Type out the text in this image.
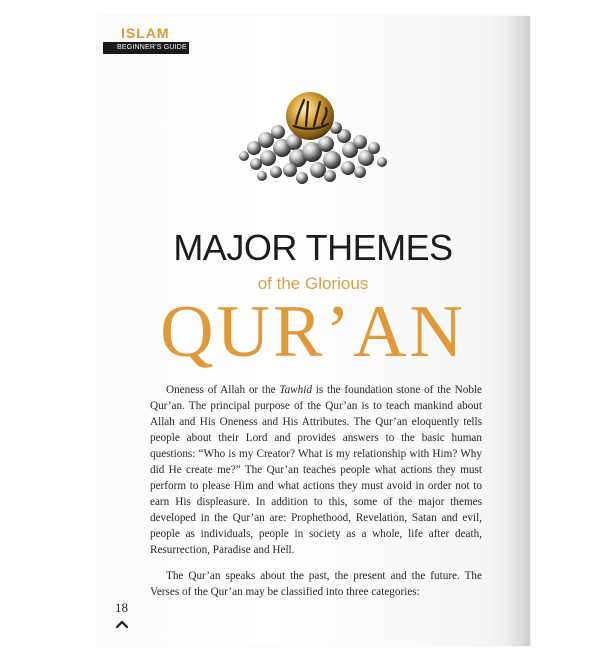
ISLAM
BEGINNER'S GUIDE
MAJOR THEMES
of the Glorious
QUR’AN

Oneness of Allah or the Tawhid is the foundation stone of the Noble Qur’an. The principal purpose of the Qur’an is to teach mankind about Allah and His Oneness and His Attributes. The Qur’an eloquently tells people about their Lord and provides answers to the basic human questions: “Who is my Creator? What is my relationship with Him? Why did He create me?” The Qur’an teaches people what actions they must perform to please Him and what actions they must avoid in order not to earn His displeasure. In addition to this, some of the major themes developed in the Qur’an are: Prophethood, Revelation, Satan and evil, people as individuals, people in society as a whole, life after death, Resurrection, Paradise and Hell.

The Qur’an speaks about the past, the present and the future. The Verses of the Qur’an may be classified into three categories:

18
